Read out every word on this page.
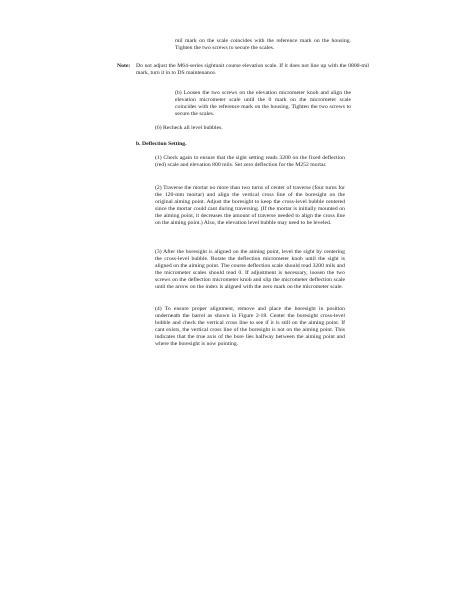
mil mark on the scale coincides with the reference mark on the housing. Tighten the two screws to secure the scales.

Note: Do not adjust the M64-series sightunit course elevation scale. If it does not line up with the 0800-mil mark, turn it in to DS maintenance.

(b) Loosen the two screws on the elevation micrometer knob and align the elevation micrometer scale until the 0 mark on the micrometer scale coincides with the reference mark on the housing. Tighten the two screws to secure the scales.

(6) Recheck all level bubbles.

b. Deflection Setting.

(1) Check again to ensure that the sight setting reads 3200 on the fixed deflection (red) scale and elevation 800 mils. Set zero deflection for the M252 mortar.

(2) Traverse the mortar no more than two turns of center of traverse (four turns for the 120-mm mortar) and align the vertical cross line of the boresight on the original aiming point. Adjust the boresight to keep the cross-level bubble centered since the mortar could cant during traversing. (If the mortar is initially mounted on the aiming point, it decreases the amount of traverse needed to align the cross line on the aiming point.) Also, the elevation level bubble may need to be leveled.

(3) After the boresight is aligned on the aiming point, level the sight by centering the cross-level bubble. Rotate the deflection micrometer knob until the sight is aligned on the aiming point. The course deflection scale should read 3200 mils and the micrometer scales should read 0. If adjustment is necessary, loosen the two screws on the deflection micrometer knob and slip the micrometer deflection scale until the arrow on the index is aligned with the zero mark on the micrometer scale.

(4) To ensure proper alignment, remove and place the boresight in position underneath the barrel as shown in Figure 2-18. Center the boresight cross-level bubble and check the vertical cross line to see if it is still on the aiming point. If cant exists, the vertical cross line of the boresight is not on the aiming point. This indicates that the true axis of the bore lies halfway between the aiming point and where the boresight is now pointing.
